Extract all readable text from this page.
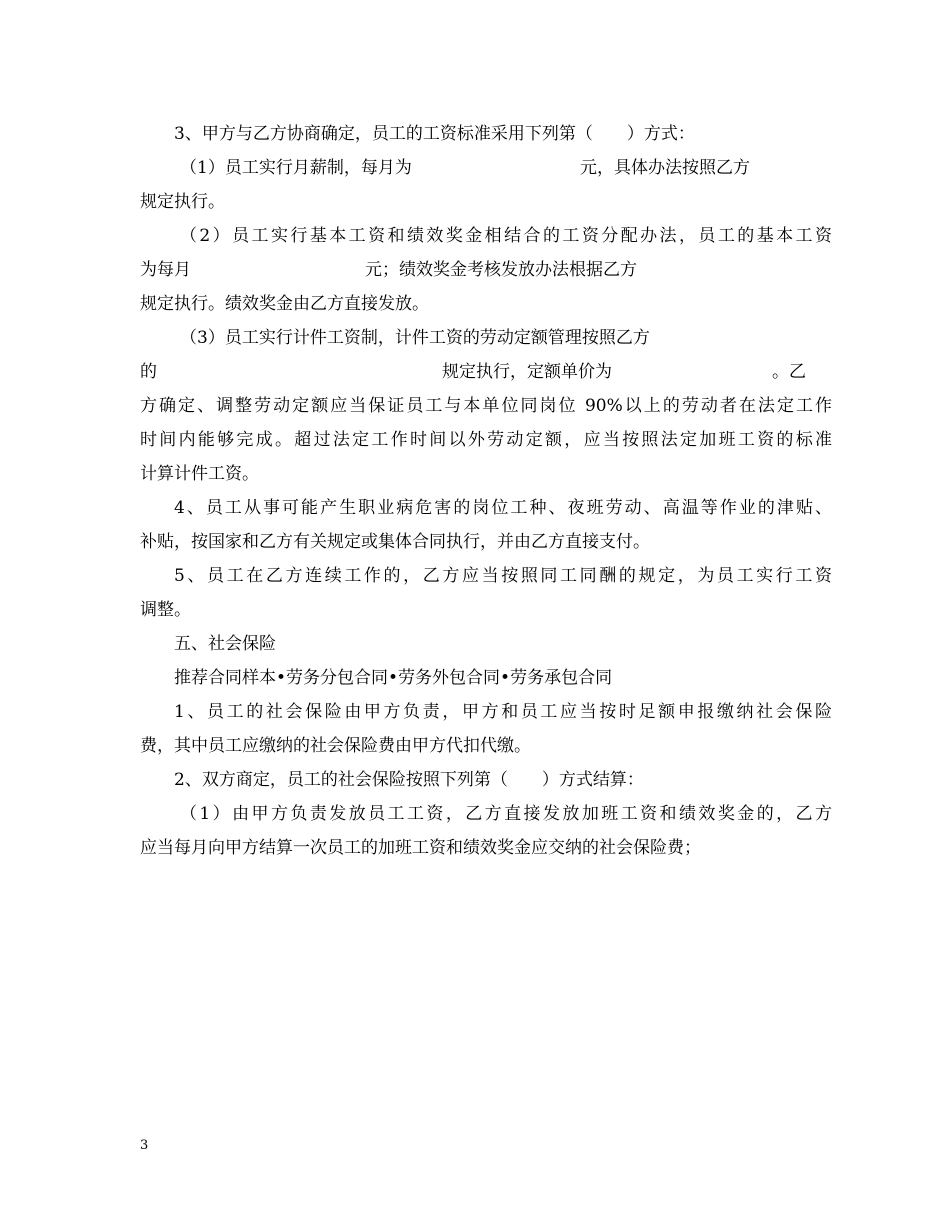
3、甲方与乙方协商确定，员工的工资标准采用下列第（　　）方式：
（1）员工实行月薪制，每月为	元，具体办法按照乙方
规定执行。
（2）员工实行基本工资和绩效奖金相结合的工资分配办法，员工的基本工资
为每月	元；绩效奖金考核发放办法根据乙方
规定执行。绩效奖金由乙方直接发放。
（3）员工实行计件工资制，计件工资的劳动定额管理按照乙方
的	规定执行，定额单价为	。乙
方确定、调整劳动定额应当保证员工与本单位同岗位 90%以上的劳动者在法定工作
时间内能够完成。超过法定工作时间以外劳动定额，应当按照法定加班工资的标准
计算计件工资。
4、员工从事可能产生职业病危害的岗位工种、夜班劳动、高温等作业的津贴、
补贴，按国家和乙方有关规定或集体合同执行，并由乙方直接支付。
5、员工在乙方连续工作的，乙方应当按照同工同酬的规定，为员工实行工资
调整。
五、社会保险
推荐合同样本•劳务分包合同•劳务外包合同•劳务承包合同
1、员工的社会保险由甲方负责，甲方和员工应当按时足额申报缴纳社会保险
费，其中员工应缴纳的社会保险费由甲方代扣代缴。
2、双方商定，员工的社会保险按照下列第（　　）方式结算：
（1）由甲方负责发放员工工资，乙方直接发放加班工资和绩效奖金的，乙方
应当每月向甲方结算一次员工的加班工资和绩效奖金应交纳的社会保险费；
3
